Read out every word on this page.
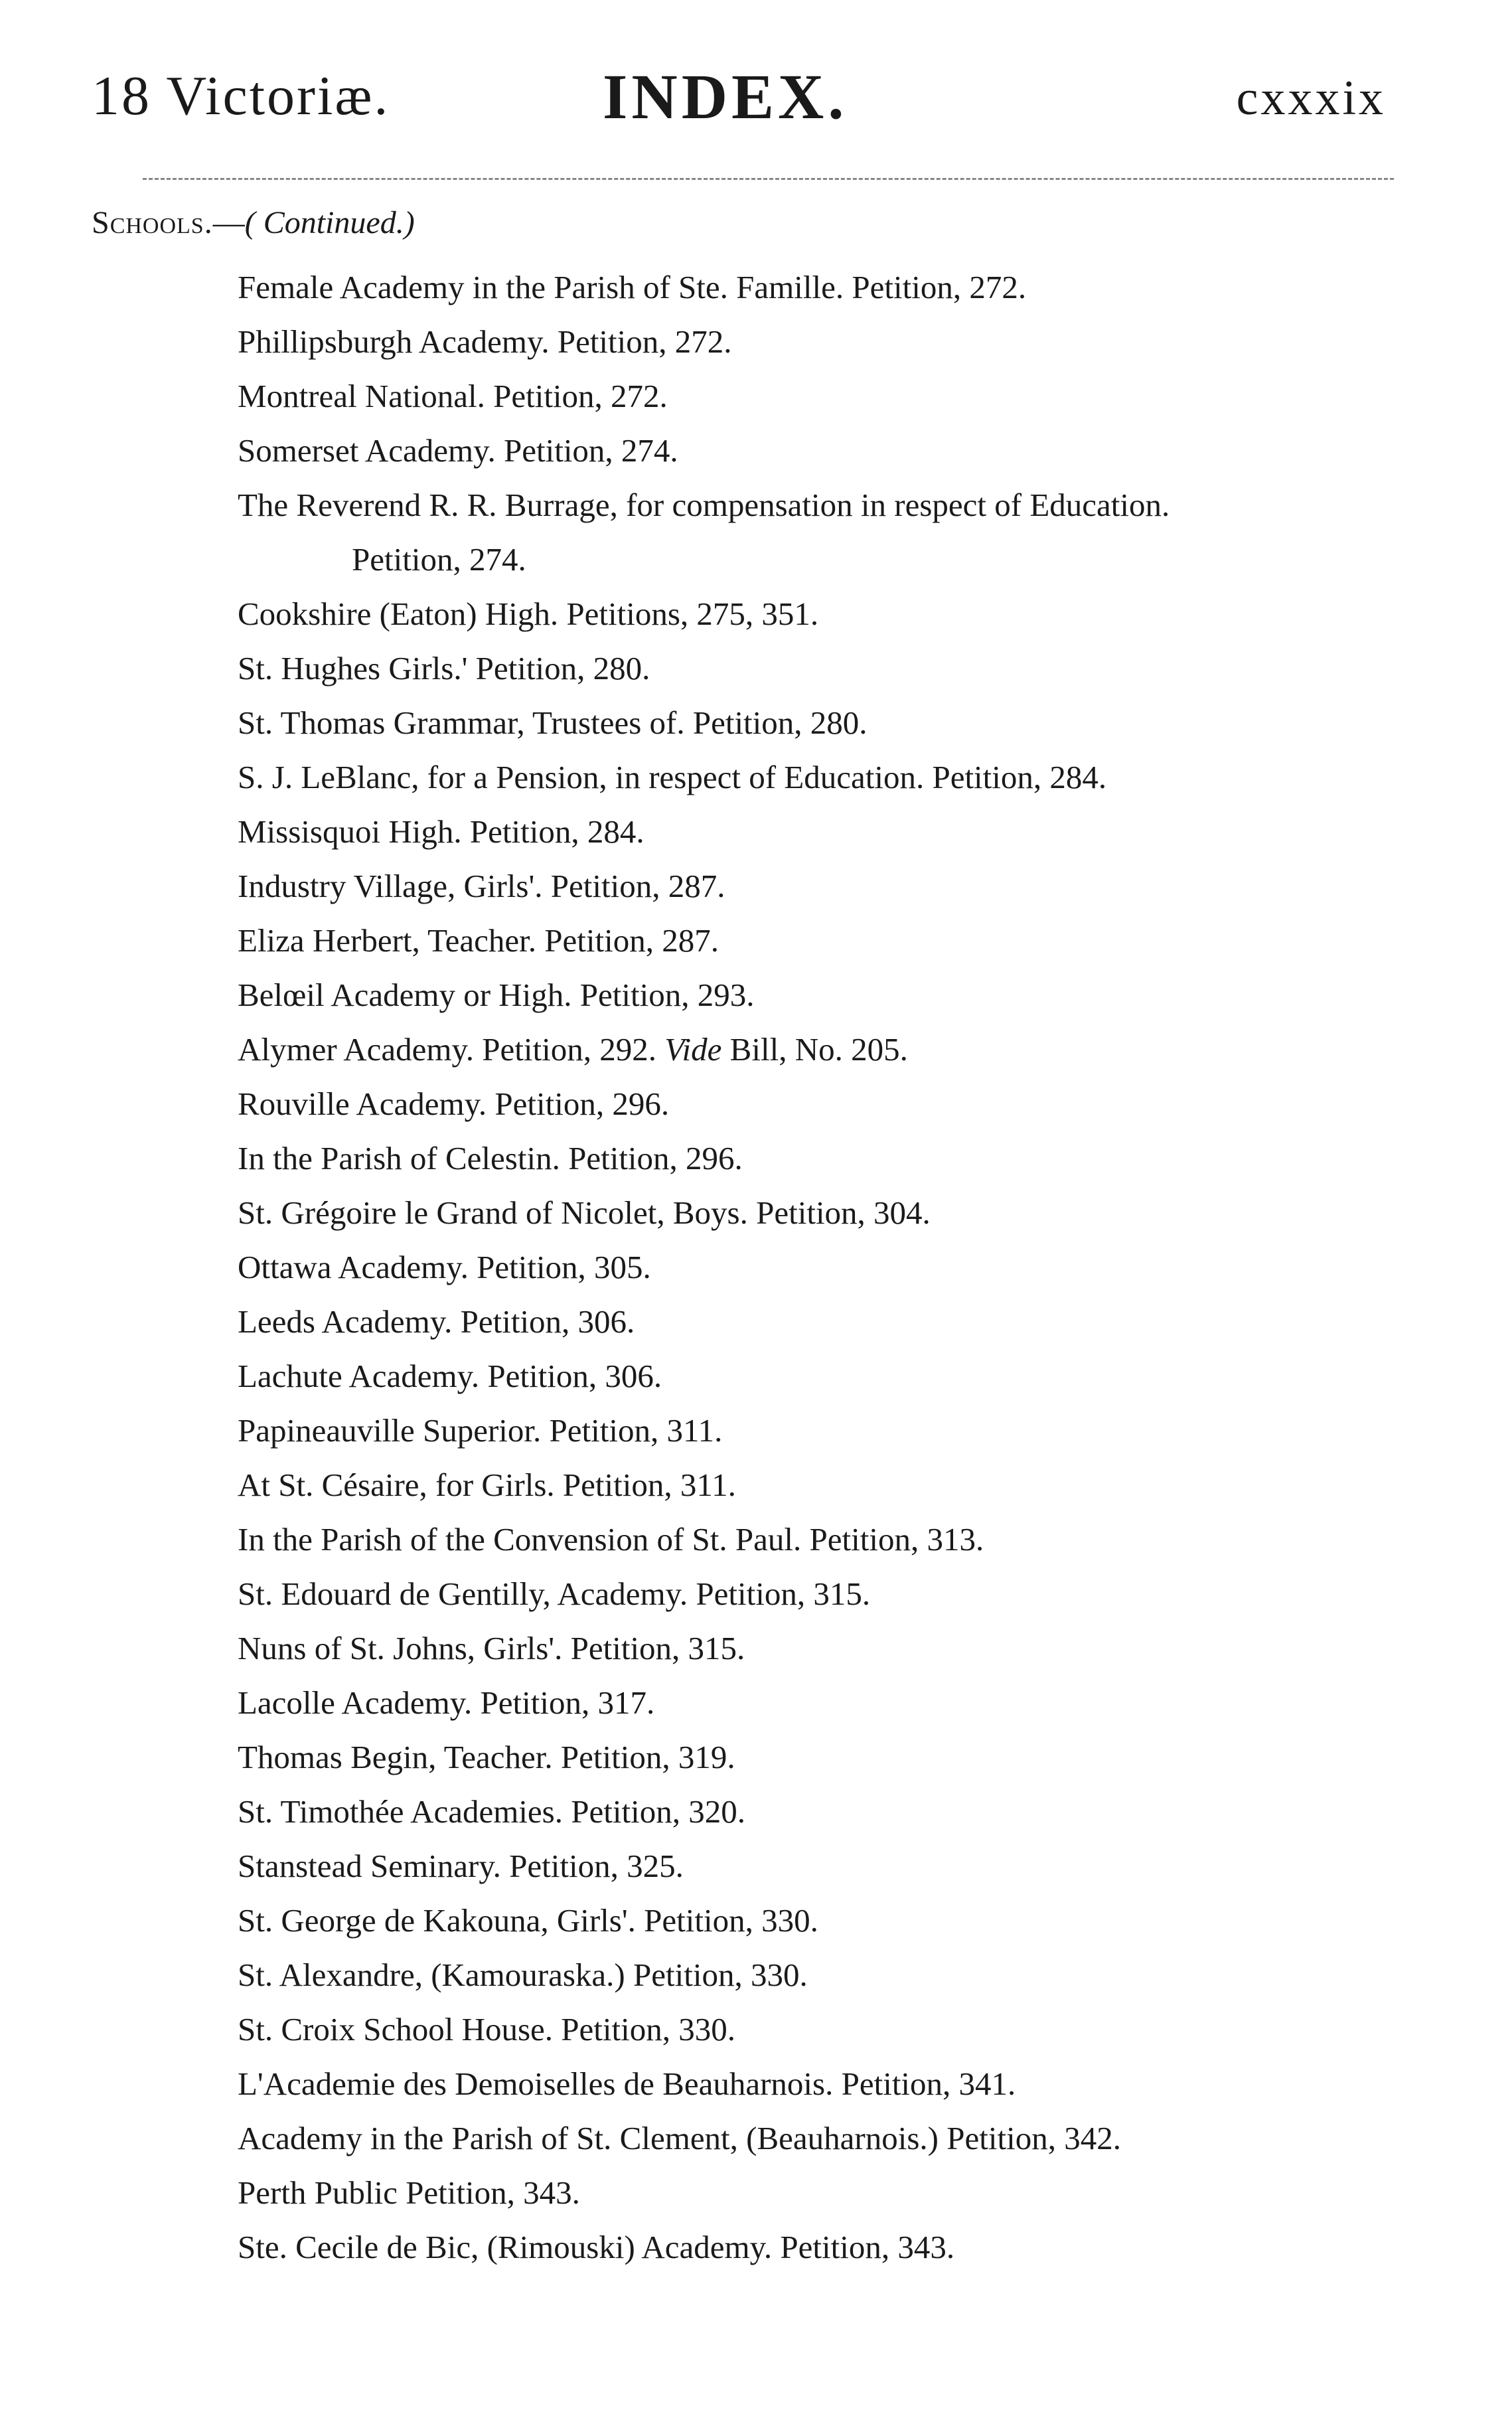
18 Victoriæ.	INDEX.	cxxxix
Schools.—( Continued.)
Female Academy in the Parish of Ste. Famille. Petition, 272.
Phillipsburgh Academy. Petition, 272.
Montreal National. Petition, 272.
Somerset Academy. Petition, 274.
The Reverend R. R. Burrage, for compensation in respect of Education.
Petition, 274.
Cookshire (Eaton) High. Petitions, 275, 351.
St. Hughes Girls.' Petition, 280.
St. Thomas Grammar, Trustees of. Petition, 280.
S. J. LeBlanc, for a Pension, in respect of Education. Petition, 284.
Missisquoi High. Petition, 284.
Industry Village, Girls'. Petition, 287.
Eliza Herbert, Teacher. Petition, 287.
Belœil Academy or High. Petition, 293.
Alymer Academy. Petition, 292. Vide Bill, No. 205.
Rouville Academy. Petition, 296.
In the Parish of Celestin. Petition, 296.
St. Grégoire le Grand of Nicolet, Boys. Petition, 304.
Ottawa Academy. Petition, 305.
Leeds Academy. Petition, 306.
Lachute Academy. Petition, 306.
Papineauville Superior. Petition, 311.
At St. Césaire, for Girls. Petition, 311.
In the Parish of the Convension of St. Paul. Petition, 313.
St. Edouard de Gentilly, Academy. Petition, 315.
Nuns of St. Johns, Girls'. Petition, 315.
Lacolle Academy. Petition, 317.
Thomas Begin, Teacher. Petition, 319.
St. Timothée Academies. Petition, 320.
Stanstead Seminary. Petition, 325.
St. George de Kakouna, Girls'. Petition, 330.
St. Alexandre, (Kamouraska.) Petition, 330.
St. Croix School House. Petition, 330.
L'Academie des Demoiselles de Beauharnois. Petition, 341.
Academy in the Parish of St. Clement, (Beauharnois.) Petition, 342.
Perth Public Petition, 343.
Ste. Cecile de Bic, (Rimouski) Academy. Petition, 343.
